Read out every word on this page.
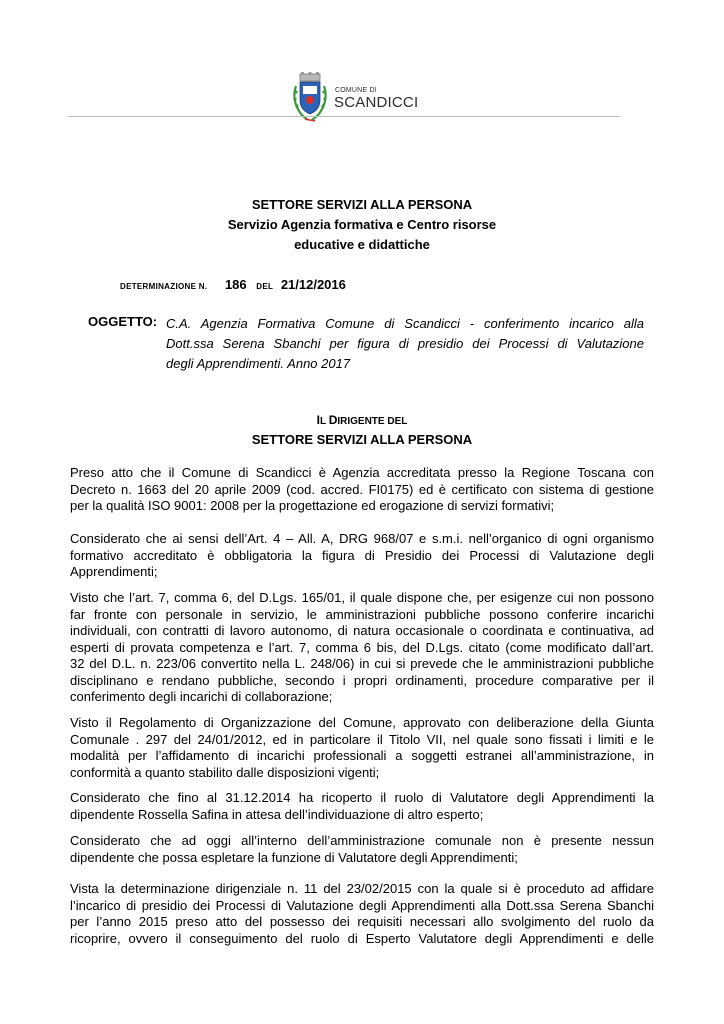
COMUNE DI
SCANDICCI
SETTORE SERVIZI ALLA PERSONA
Servizio Agenzia formativa e Centro risorse
educative e didattiche
DETERMINAZIONE N. 186 DEL 21/12/2016
OGGETTO: C.A. Agenzia Formativa Comune di Scandicci - conferimento incarico alla
Dott.ssa Serena Sbanchi per figura di presidio dei Processi di Valutazione
degli Apprendimenti. Anno 2017
IL DIRIGENTE DEL
SETTORE SERVIZI ALLA PERSONA
Preso atto che il Comune di Scandicci è Agenzia accreditata presso la Regione Toscana con
Decreto n. 1663 del 20 aprile 2009 (cod. accred. FI0175) ed è certificato con sistema di gestione
per la qualità ISO 9001: 2008 per la progettazione ed erogazione di servizi formativi;
Considerato che ai sensi dell’Art. 4 – All. A, DRG 968/07 e s.m.i. nell’organico di ogni organismo
formativo accreditato è obbligatoria la figura di Presidio dei Processi di Valutazione degli
Apprendimenti;
Visto che l’art. 7, comma 6, del D.Lgs. 165/01, il quale dispone che, per esigenze cui non possono
far fronte con personale in servizio, le amministrazioni pubbliche possono conferire incarichi
individuali, con contratti di lavoro autonomo, di natura occasionale o coordinata e continuativa, ad
esperti di provata competenza e l’art. 7, comma 6 bis, del D.Lgs. citato (come modificato dall’art.
32 del D.L. n. 223/06 convertito nella L. 248/06) in cui si prevede che le amministrazioni pubbliche
disciplinano e rendano pubbliche, secondo i propri ordinamenti, procedure comparative per il
conferimento degli incarichi di collaborazione;
Visto il Regolamento di Organizzazione del Comune, approvato con deliberazione della Giunta
Comunale . 297 del 24/01/2012, ed in particolare il Titolo VII, nel quale sono fissati i limiti e le
modalità per l’affidamento di incarichi professionali a soggetti estranei all’amministrazione, in
conformità a quanto stabilito dalle disposizioni vigenti;
Considerato che fino al 31.12.2014 ha ricoperto il ruolo di Valutatore degli Apprendimenti la
dipendente Rossella Safina in attesa dell’individuazione di altro esperto;
Considerato che ad oggi all’interno dell’amministrazione comunale non è presente nessun
dipendente che possa espletare la funzione di Valutatore degli Apprendimenti;
Vista la determinazione dirigenziale n. 11 del 23/02/2015 con la quale si è proceduto ad affidare
l’incarico di presidio dei Processi di Valutazione degli Apprendimenti alla Dott.ssa Serena Sbanchi
per l’anno 2015 preso atto del possesso dei requisiti necessari allo svolgimento del ruolo da
ricoprire, ovvero il conseguimento del ruolo di Esperto Valutatore degli Apprendimenti e delle
